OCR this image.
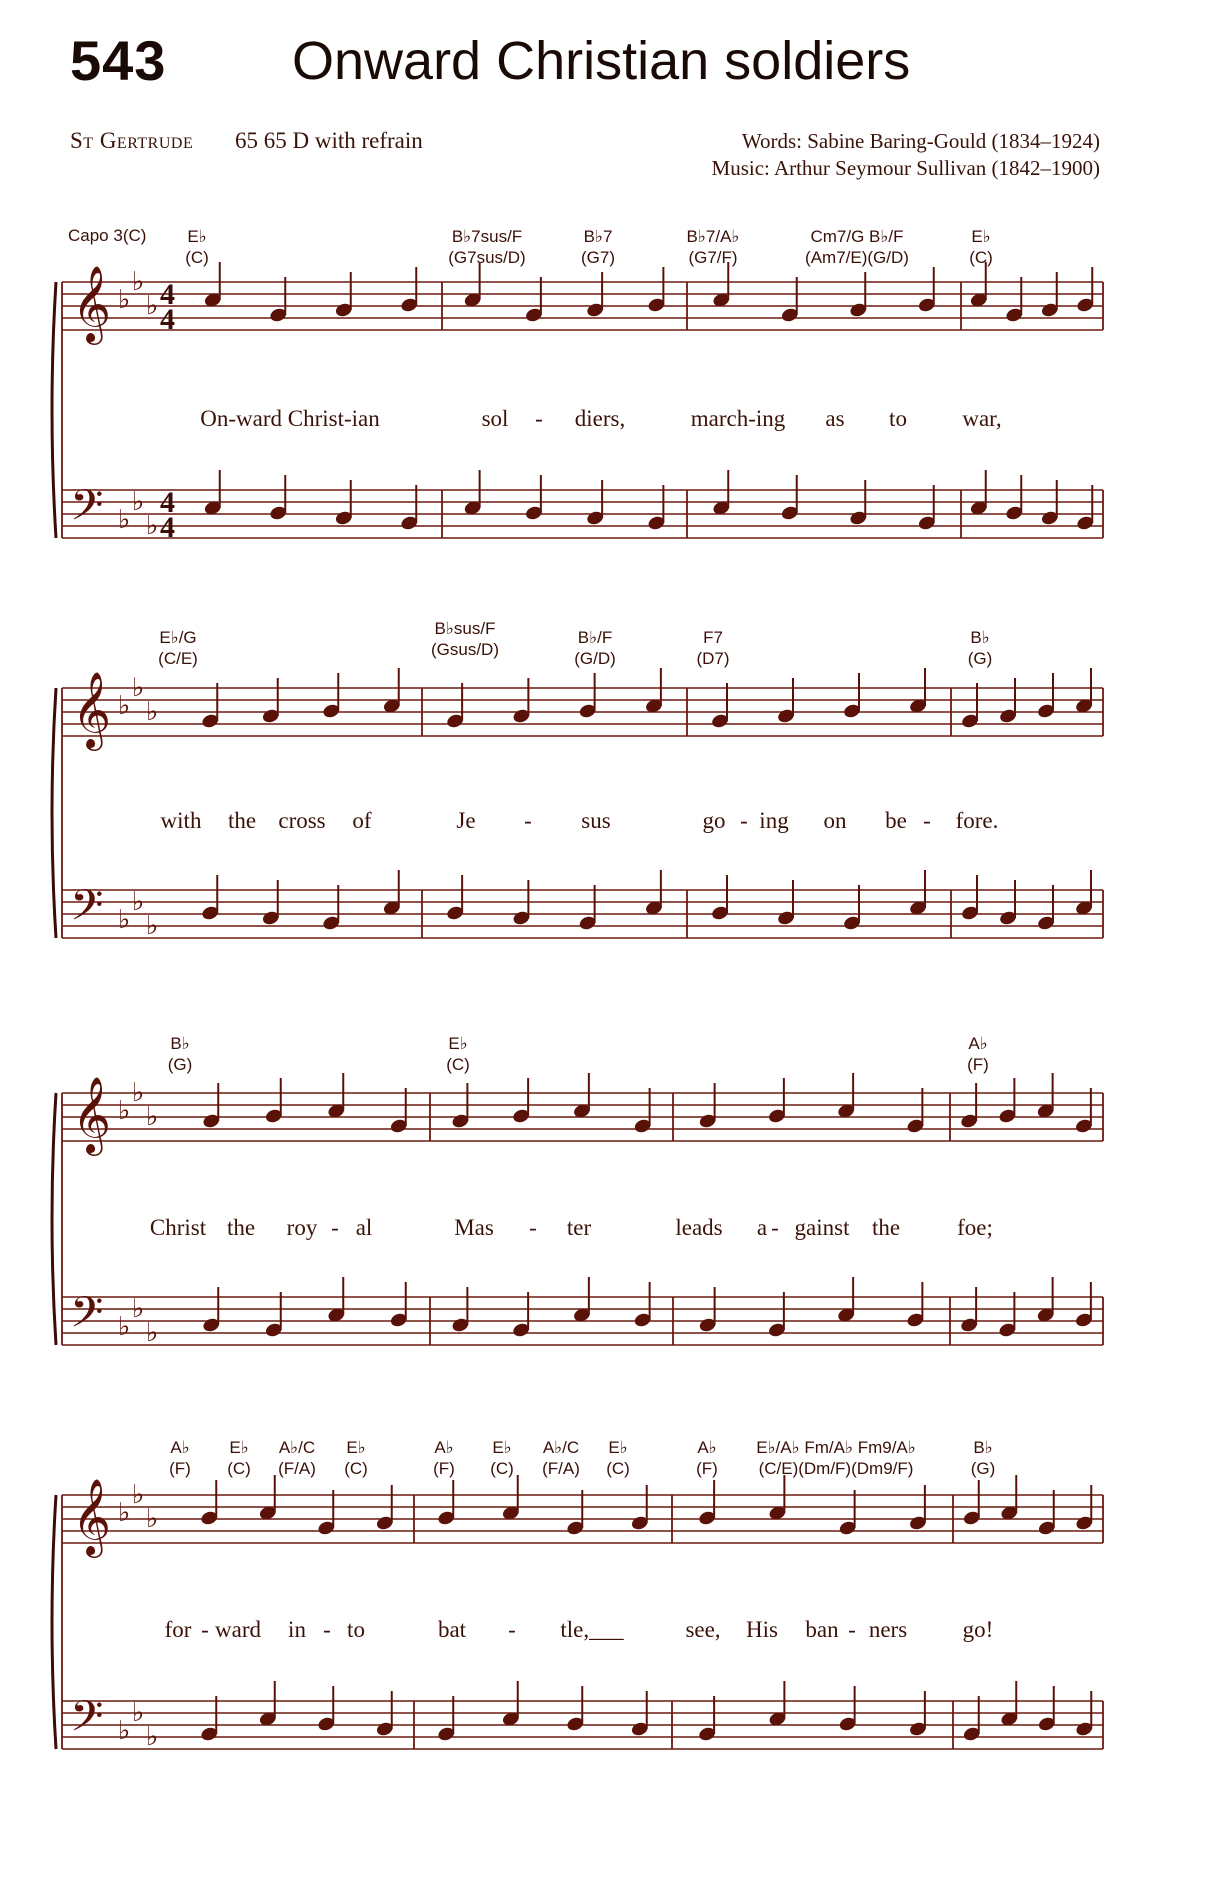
543 Onward Christian soldiers
St Gertrude 65 65 D with refrain	Words: Sabine Baring-Gould (1834–1924)
Music: Arthur Seymour Sullivan (1842–1900)
Capo 3(C) E♭
(C)
B♭7sus/F
(G7sus/D)
B♭7
(G7)
B♭7/A♭
(G7/F)
Cm7/G B♭/F
(Am7/E)(G/D)
E♭
(C)
E♭/G
(C/E)
B♭sus/F
(Gsus/D)
B♭/F
(G/D)
F7
(D7)
B♭
(G)
B♭
(G)
E♭
(C)
A♭
(F)
A♭
(F)
E♭
(C)
A♭/C
(F/A)
E♭
(C)
A♭
(F)
E♭
(C)
A♭/C
(F/A)
E♭
(C)
A♭
(F)
E♭/A♭ Fm/A♭ Fm9/A♭
(C/E)(Dm/F)(Dm9/F)
B♭
(G)
On-ward Christ-ian	sol - diers,	march-ing as to war,
with the cross of	Je - sus	go - ing on be - fore.
Christ the roy - al	Mas - ter	leads a - gainst the foe;
for - ward in - to	bat - tle,___	see, His ban - ners go!
𝄞 ♭
♭
♭ 4
4
𝄢 ♭
♭
♭
4
4
𝄞 ♭
♭
♭
𝄢 ♭
♭
♭
𝄞 ♭
♭
♭
𝄢 ♭
♭
♭
𝄞 ♭
♭
♭
𝄢 ♭
♭
♭
